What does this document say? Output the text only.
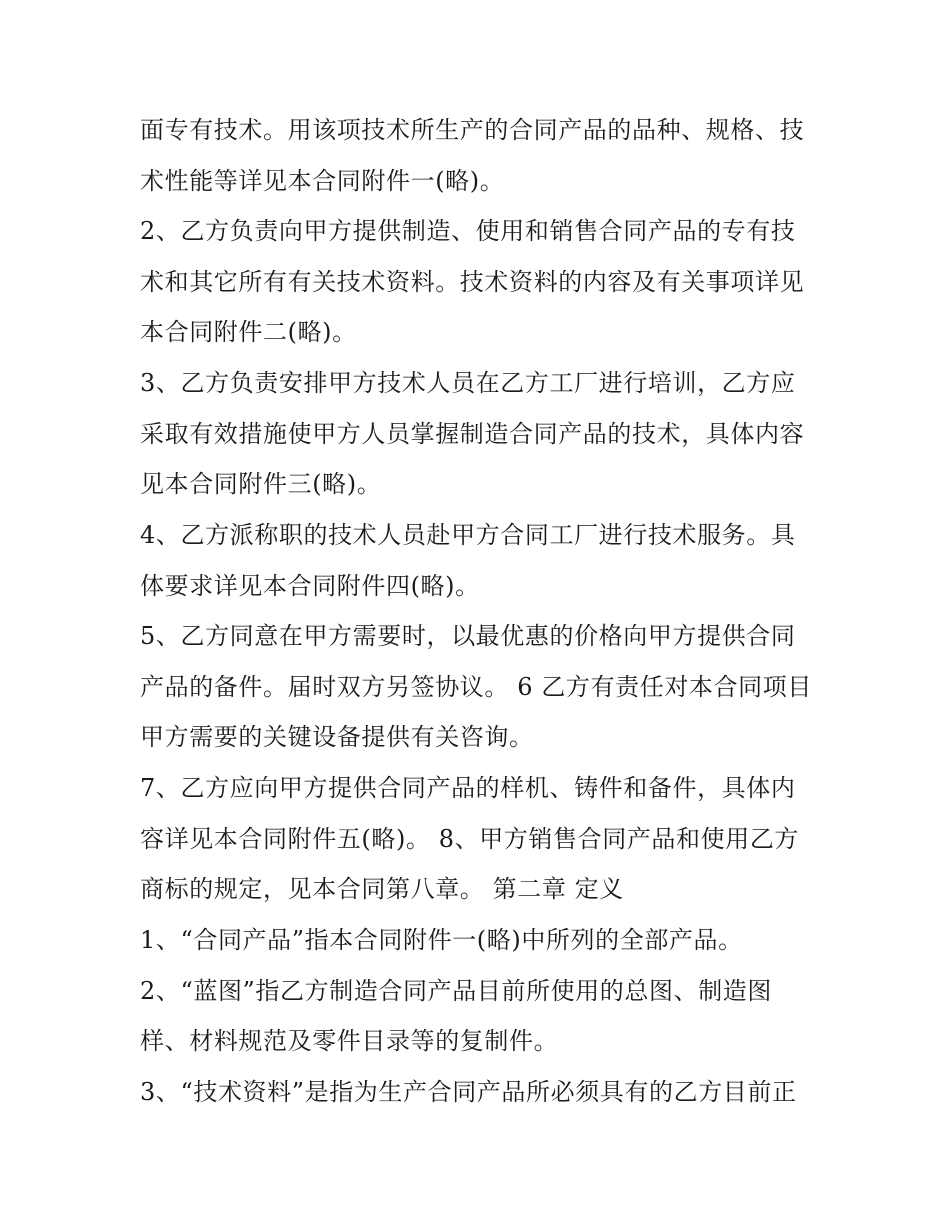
面专有技术。用该项技术所生产的合同产品的品种、规格、技
术性能等详见本合同附件一(略)。
2、乙方负责向甲方提供制造、使用和销售合同产品的专有技
术和其它所有有关技术资料。技术资料的内容及有关事项详见
本合同附件二(略)。
3、乙方负责安排甲方技术人员在乙方工厂进行培训，乙方应
采取有效措施使甲方人员掌握制造合同产品的技术，具体内容
见本合同附件三(略)。
4、乙方派称职的技术人员赴甲方合同工厂进行技术服务。具
体要求详见本合同附件四(略)。
5、乙方同意在甲方需要时，以最优惠的价格向甲方提供合同
产品的备件。届时双方另签协议。 6 乙方有责任对本合同项目
甲方需要的关键设备提供有关咨询。
7、乙方应向甲方提供合同产品的样机、铸件和备件，具体内
容详见本合同附件五(略)。 8、甲方销售合同产品和使用乙方
商标的规定，见本合同第八章。 第二章 定义
1、“合同产品”指本合同附件一(略)中所列的全部产品。
2、“蓝图”指乙方制造合同产品目前所使用的总图、制造图
样、材料规范及零件目录等的复制件。
3、“技术资料”是指为生产合同产品所必须具有的乙方目前正
